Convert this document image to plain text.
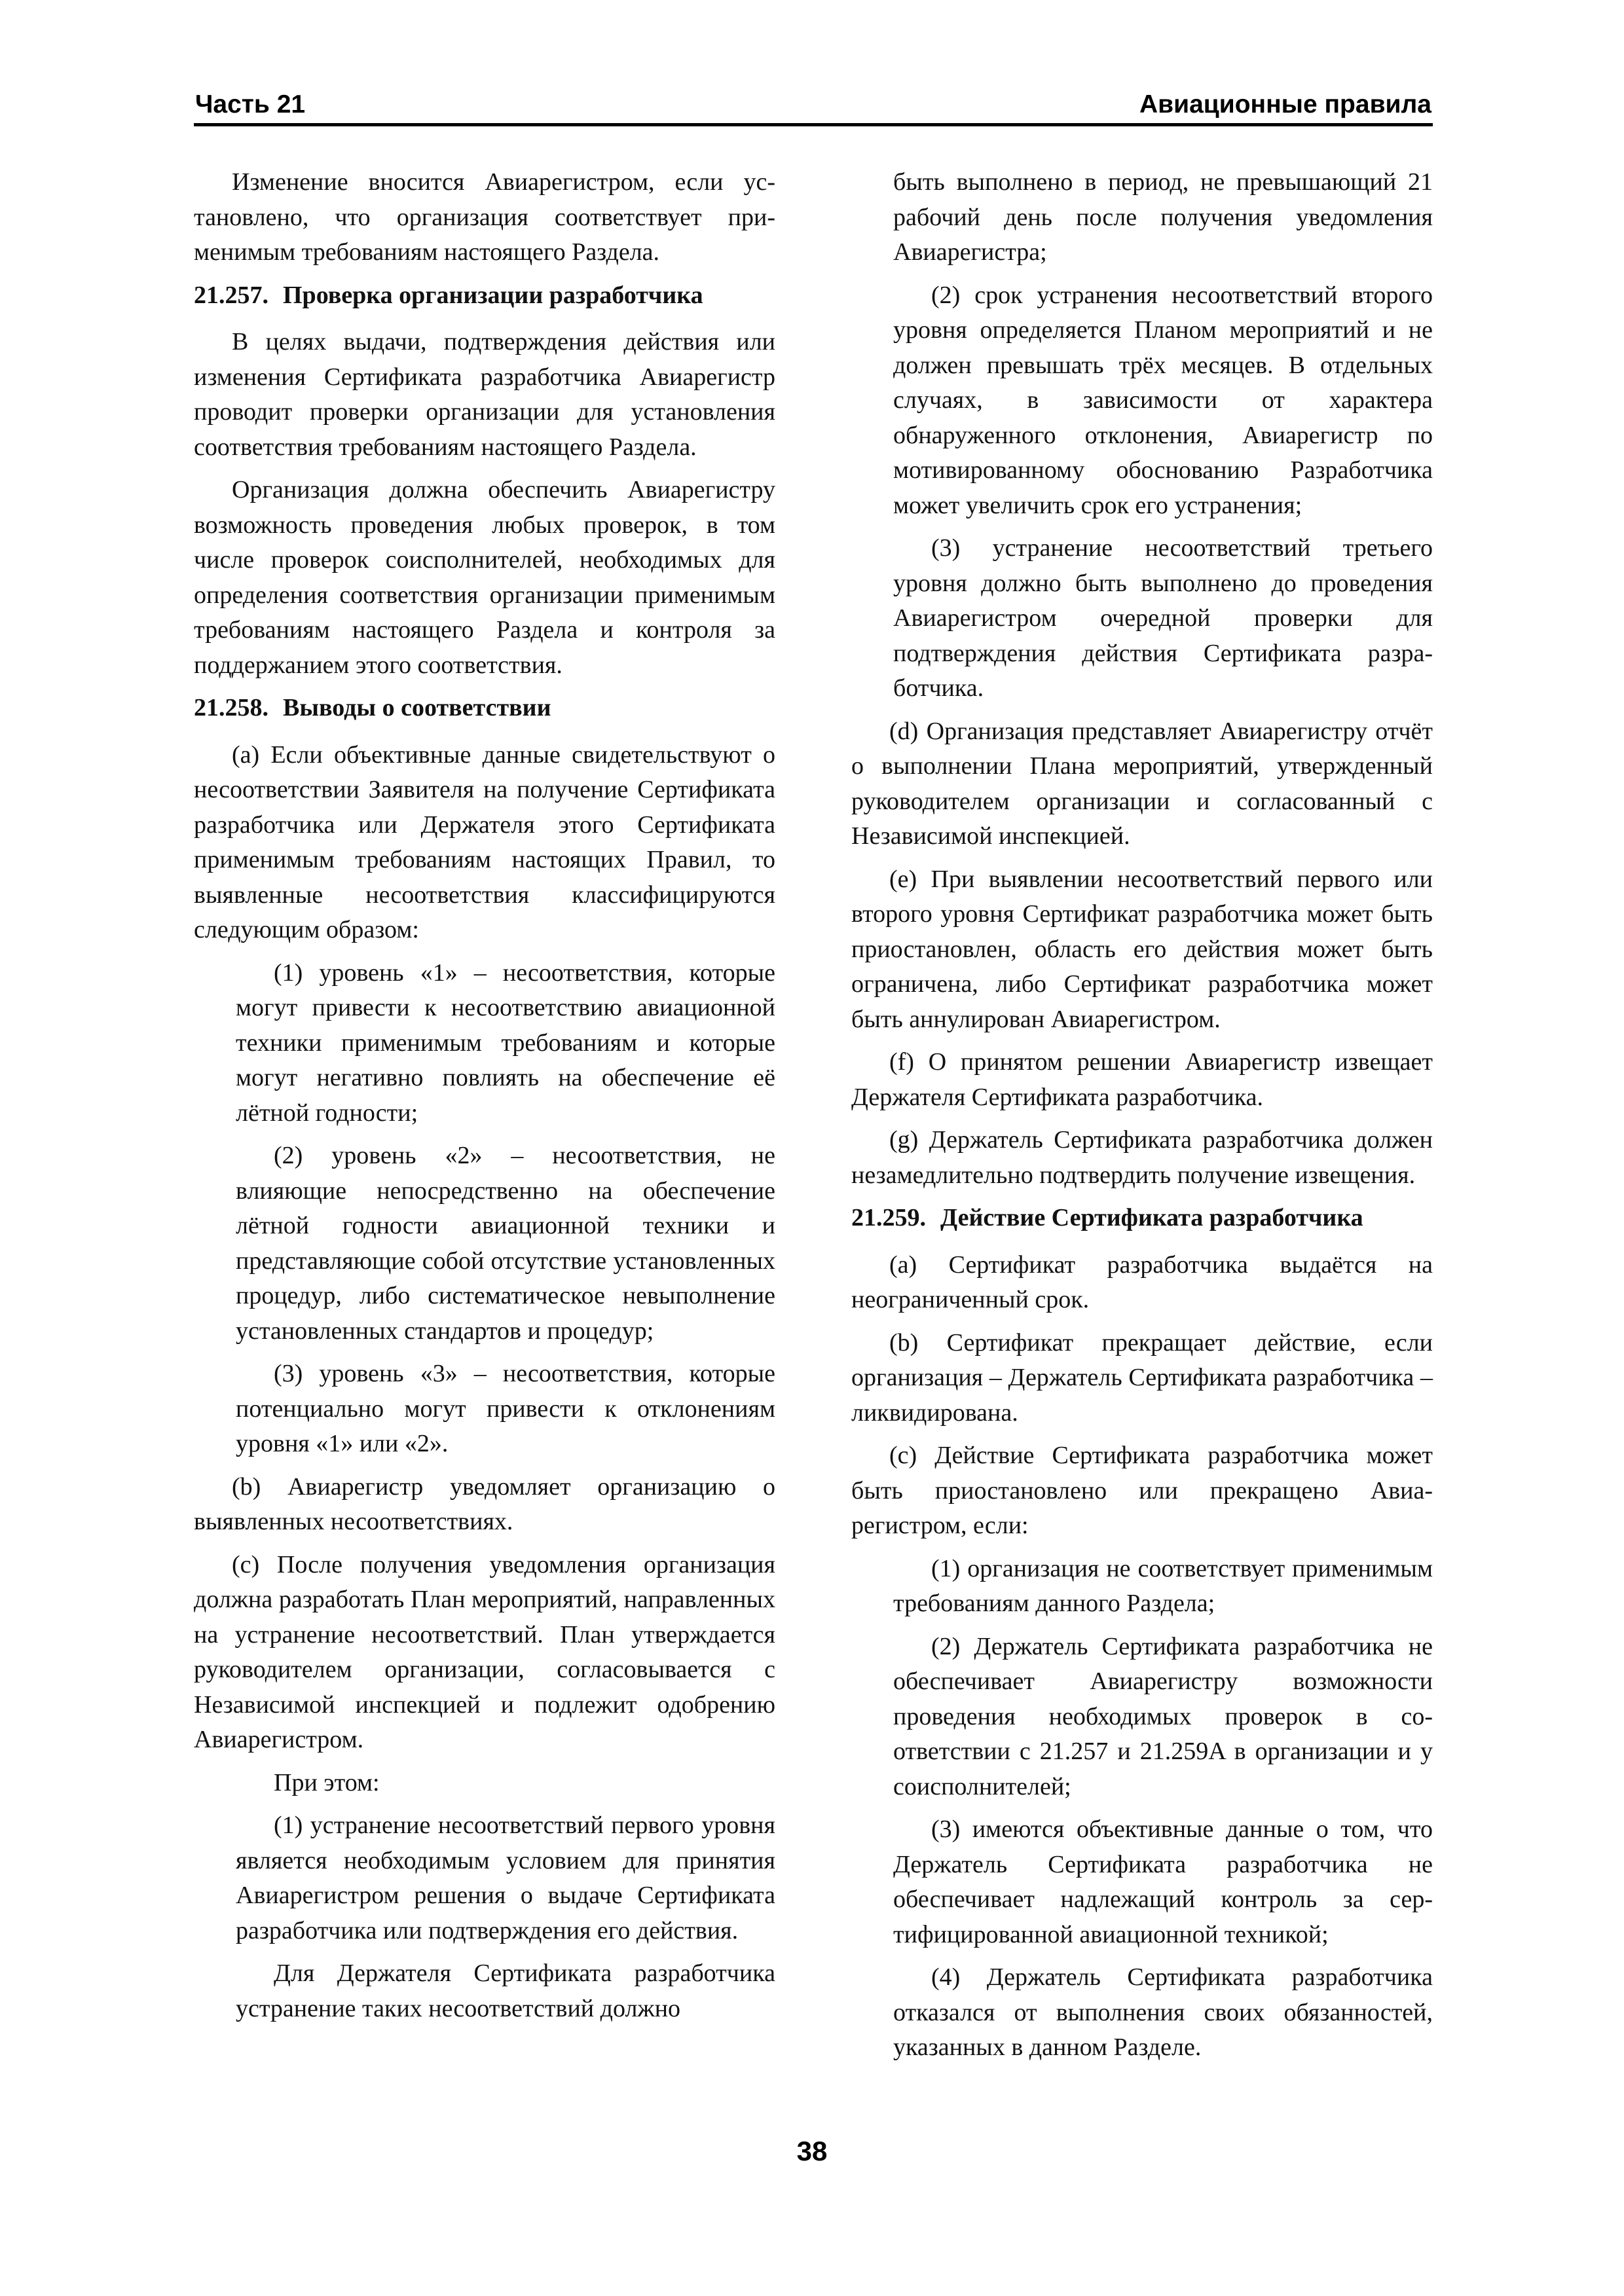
Часть 21	Авиационные правила

Изменение вносится Авиарегистром, если установлено, что организация соответствует применимым требованиям настоящего Раздела.

21.257. Проверка организации разработчика

В целях выдачи, подтверждения действия или изменения Сертификата разработчика Авиарегистр проводит проверки организации для установления соответствия требованиям настоящего Раздела.

Организация должна обеспечить Авиарегистру возможность проведения любых проверок, в том числе проверок соисполнителей, необходимых для определения соответствия организации применимым требованиям настоящего Раздела и контроля за поддержанием этого соответствия.

21.258. Выводы о соответствии

(a) Если объективные данные свидетельствуют о несоответствии Заявителя на получение Сертификата разработчика или Держателя этого Сертификата применимым требованиям настоящих Правил, то выявленные несоответствия классифицируются следующим образом:

(1) уровень «1» – несоответствия, которые могут привести к несоответствию авиационной техники применимым требованиям и которые могут негативно повлиять на обеспечение её лётной годности;

(2) уровень «2» – несоответствия, не влияющие непосредственно на обеспечение лётной годности авиационной техники и представляющие собой отсутствие установленных процедур, либо систематическое невыполнение установленных стандартов и процедур;

(3) уровень «3» – несоответствия, которые потенциально могут привести к отклонениям уровня «1» или «2».

(b) Авиарегистр уведомляет организацию о выявленных несоответствиях.

(c) После получения уведомления организация должна разработать План мероприятий, направленных на устранение несоответствий. План утверждается руководителем организации, согласовывается с Независимой инспекцией и подлежит одобрению Авиарегистром.

При этом:

(1) устранение несоответствий первого уровня является необходимым условием для принятия Авиарегистром решения о выдаче Сертификата разработчика или подтверждения его действия.

Для Держателя Сертификата разработчика устранение таких несоответствий должно

быть выполнено в период, не превышающий 21 рабочий день после получения уведомления Авиарегистра;

(2) срок устранения несоответствий второго уровня определяется Планом мероприятий и не должен превышать трёх месяцев. В отдельных случаях, в зависимости от характера обнаруженного отклонения, Авиарегистр по мотивированному обоснованию Разработчика может увеличить срок его устранения;

(3) устранение несоответствий третьего уровня должно быть выполнено до проведения Авиарегистром очередной проверки для подтверждения действия Сертификата разработчика.

(d) Организация представляет Авиарегистру отчёт о выполнении Плана мероприятий, утвержденный руководителем организации и согласованный с Независимой инспекцией.

(e) При выявлении несоответствий первого или второго уровня Сертификат разработчика может быть приостановлен, область его действия может быть ограничена, либо Сертификат разработчика может быть аннулирован Авиарегистром.

(f) О принятом решении Авиарегистр извещает Держателя Сертификата разработчика.

(g) Держатель Сертификата разработчика должен незамедлительно подтвердить получение извещения.

21.259. Действие Сертификата разработчика

(a) Сертификат разработчика выдаётся на неограниченный срок.

(b) Сертификат прекращает действие, если организация – Держатель Сертификата разработчика – ликвидирована.

(c) Действие Сертификата разработчика может быть приостановлено или прекращено Авиарегистром, если:

(1) организация не соответствует применимым требованиям данного Раздела;

(2) Держатель Сертификата разработчика не обеспечивает Авиарегистру возможности проведения необходимых проверок в соответствии с 21.257 и 21.259A в организации и у соисполнителей;

(3) имеются объективные данные о том, что Держатель Сертификата разработчика не обеспечивает надлежащий контроль за сертифицированной авиационной техникой;

(4) Держатель Сертификата разработчика отказался от выполнения своих обязанностей, указанных в данном Разделе.

38
